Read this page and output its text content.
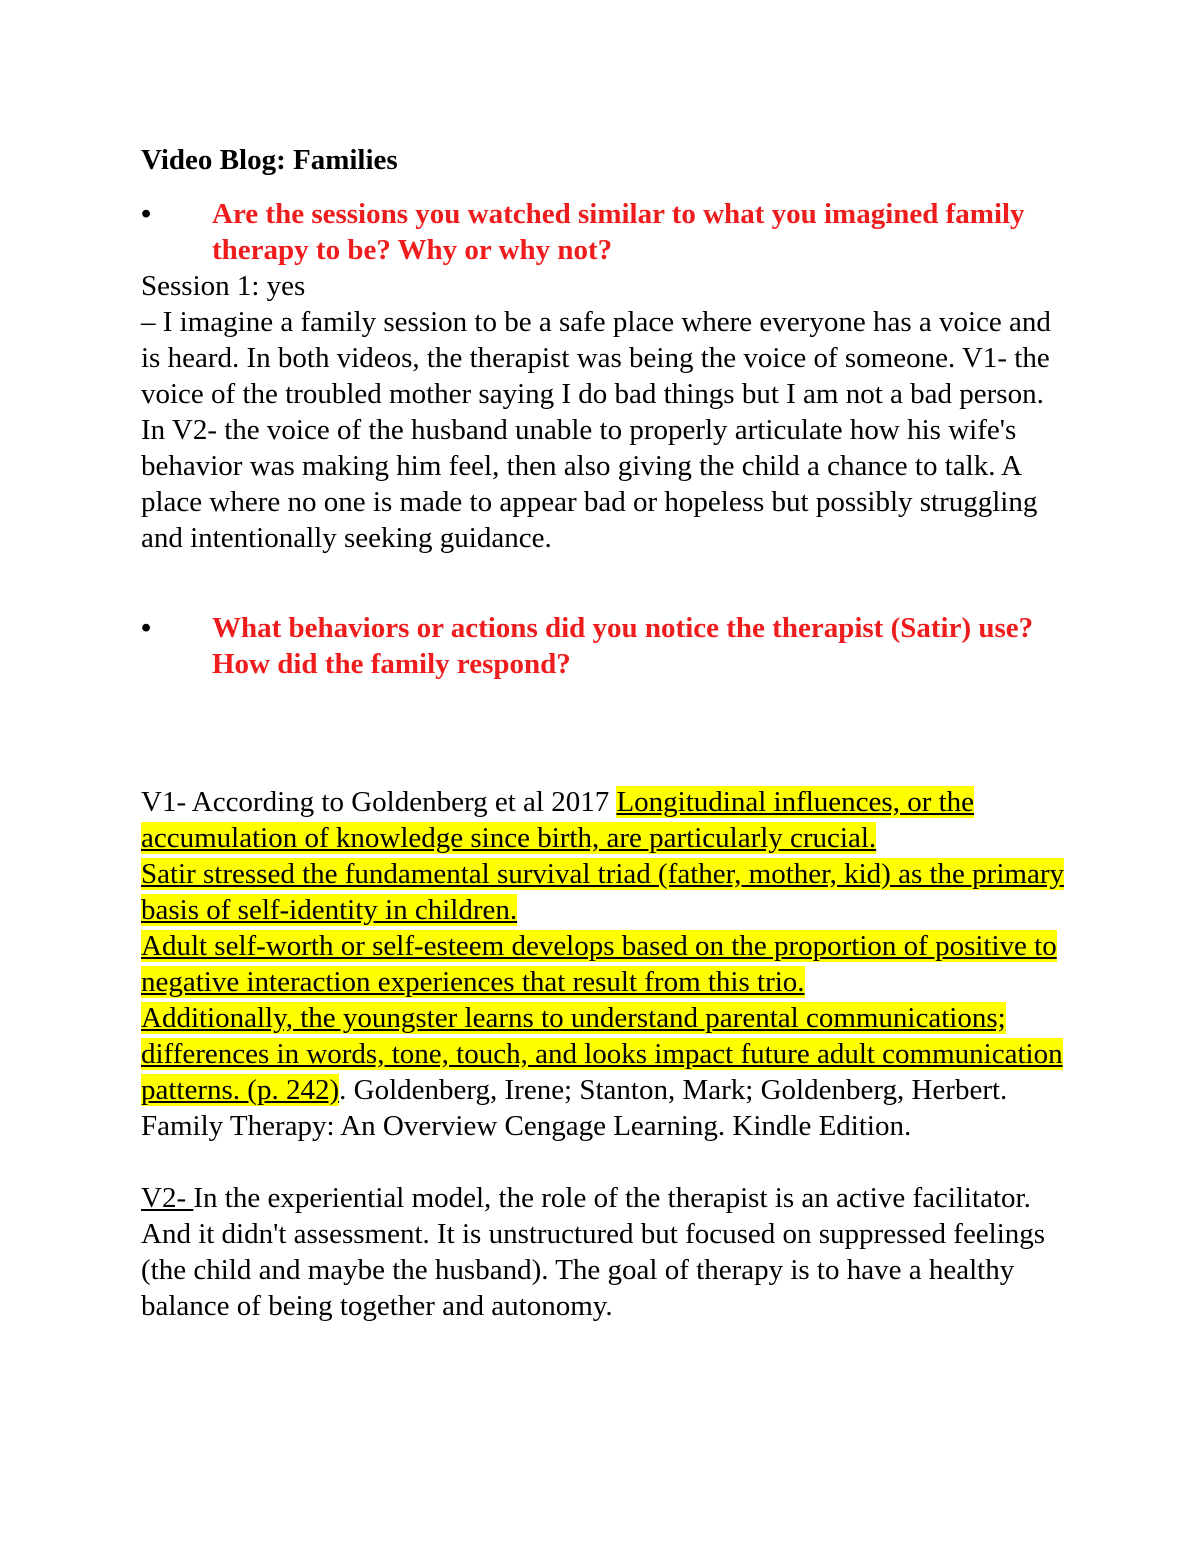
Video Blog: Families

• Are the sessions you watched similar to what you imagined family therapy to be? Why or why not?

Session 1: yes

– I imagine a family session to be a safe place where everyone has a voice and is heard. In both videos, the therapist was being the voice of someone. V1- the voice of the troubled mother saying I do bad things but I am not a bad person. In V2- the voice of the husband unable to properly articulate how his wife's behavior was making him feel, then also giving the child a chance to talk. A place where no one is made to appear bad or hopeless but possibly struggling and intentionally seeking guidance.

• What behaviors or actions did you notice the therapist (Satir) use? How did the family respond?

V1- According to Goldenberg et al 2017 Longitudinal influences, or the accumulation of knowledge since birth, are particularly crucial.
Satir stressed the fundamental survival triad (father, mother, kid) as the primary basis of self-identity in children.
Adult self-worth or self-esteem develops based on the proportion of positive to negative interaction experiences that result from this trio.
Additionally, the youngster learns to understand parental communications; differences in words, tone, touch, and looks impact future adult communication patterns. (p. 242). Goldenberg, Irene; Stanton, Mark; Goldenberg, Herbert. Family Therapy: An Overview Cengage Learning. Kindle Edition.

V2- In the experiential model, the role of the therapist is an active facilitator. And it didn't assessment. It is unstructured but focused on suppressed feelings (the child and maybe the husband). The goal of therapy is to have a healthy balance of being together and autonomy.
